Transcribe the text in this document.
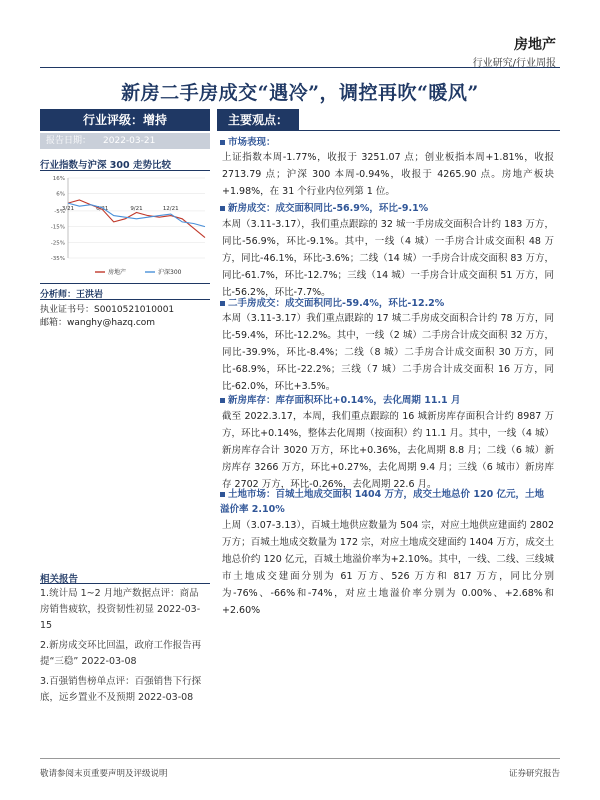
房地产
行业研究/行业周报
新房二手房成交“遇冷”，调控再吹“暖风”
行业评级：增持
报告日期： 2022-03-21
行业指数与沪深 300 走势比较
16%
6%
-5%
-15%
-25%
-35%
3/21	6/21	9/21	12/21
房地产	沪深300
分析师：王洪岩
执业证书号：S0010521010001
邮箱：wanghy@hazq.com
相关报告

1.统计局 1~2 月地产数据点评：商品房销售疲软，投资韧性初显 2022-03-15

2.新房成交环比回温，政府工作报告再提“三稳” 2022-03-08

3.百强销售榜单点评：百强销售下行探底，远乡置业不及预期 2022-03-08

主要观点：
市场表现：
上证指数本周-1.77%，收报于 3251.07 点；创业板指本周+1.81%，收报 2713.79 点；沪深 300 本周-0.94%，收报于 4265.90 点。房地产板块+1.98%，在 31 个行业内位列第 1 位。
新房成交：成交面积同比-56.9%，环比-9.1%
本周（3.11-3.17），我们重点跟踪的 32 城一手房成交面积合计约 183 万方，同比-56.9%，环比-9.1%。其中，一线（4 城）一手房合计成交面积 48 万方，同比-46.1%，环比-3.6%；二线（14 城）一手房合计成交面积 83 万方，同比-61.7%，环比-12.7%；三线（14 城）一手房合计成交面积 51 万方，同比-56.2%，环比-7.7%。
二手房成交：成交面积同比-59.4%，环比-12.2%
本周（3.11-3.17）我们重点跟踪的 17 城二手房成交面积合计约 78 万方，同比-59.4%，环比-12.2%。其中，一线（2 城）二手房合计成交面积 32 万方，同比-39.9%，环比-8.4%；二线（8 城）二手房合计成交面积 30 万方，同比-68.9%，环比-22.2%；三线（7 城）二手房合计成交面积 16 万方，同比-62.0%，环比+3.5%。
新房库存：库存面积环比+0.14%，去化周期 11.1 月
截至 2022.3.17，本周，我们重点跟踪的 16 城新房库存面积合计约 8987 万方，环比+0.14%，整体去化周期（按面积）约 11.1 月。其中，一线（4 城）新房库存合计 3020 万方，环比+0.36%，去化周期 8.8 月；二线（6 城）新房库存 3266 万方，环比+0.27%，去化周期 9.4 月；三线（6 城市）新房库存 2702 万方，环比-0.26%，去化周期 22.6 月。
土地市场：百城土地成交面积 1404 万方，成交土地总价 120 亿元，土地溢价率 2.10%
上周（3.07-3.13），百城土地供应数量为 504 宗，对应土地供应建面约 2802 万方；百城土地成交数量为 172 宗，对应土地成交建面约 1404 万方，成交土地总价约 120 亿元，百城土地溢价率为+2.10%。其中，一线、二线、三线城市土地成交建面分别为 61 万方、526 万方和 817 万方，同比分别为-76%、-66%和-74%，对应土地溢价率分别为 0.00%、+2.68%和+2.60%
敬请参阅末页重要声明及评级说明	证券研究报告
